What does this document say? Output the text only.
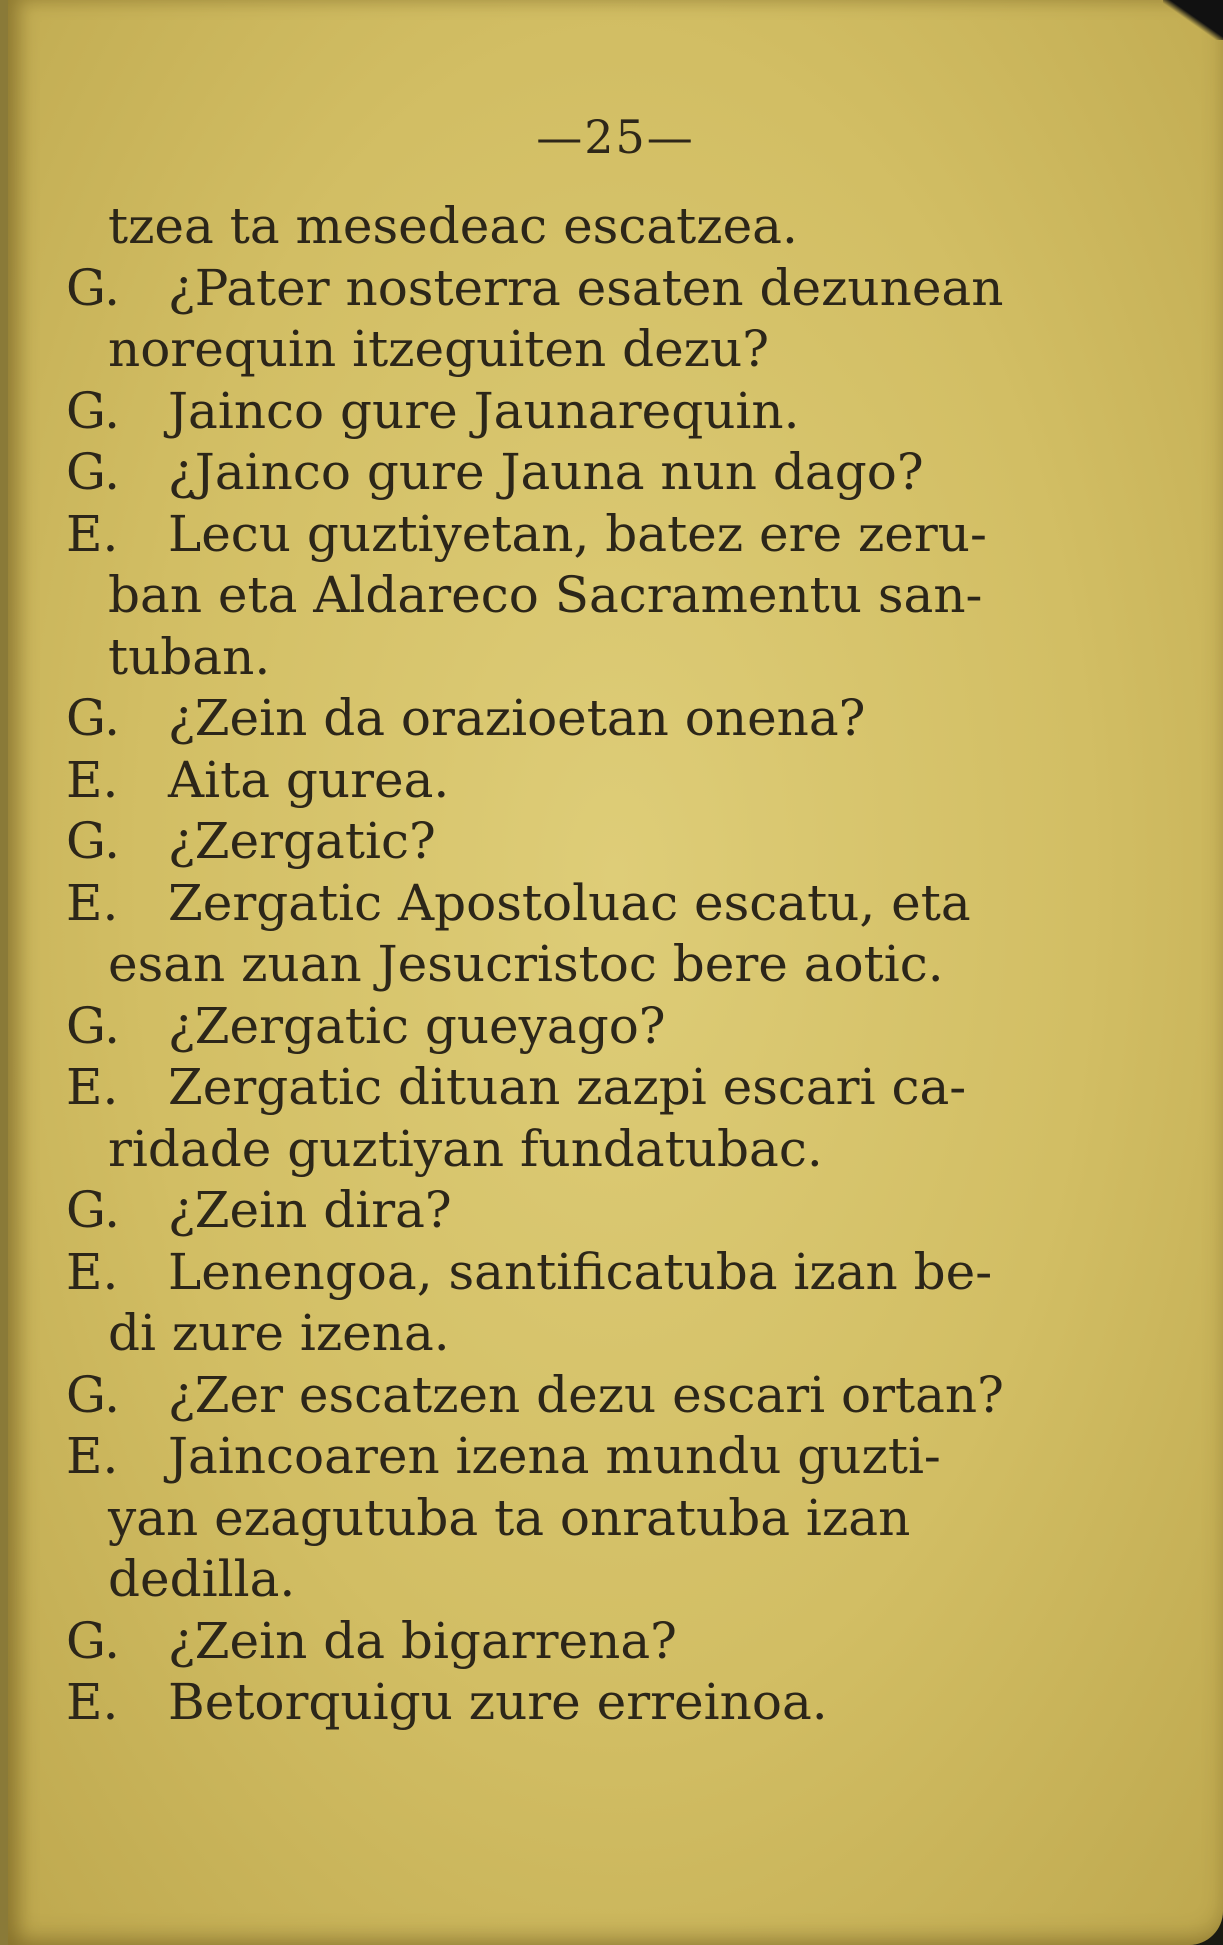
—25—
tzea ta mesedeac escatzea.
G. ¿Pater nosterra esaten dezunean
norequin itzeguiten dezu?
G. Jainco gure Jaunarequin.
G. ¿Jainco gure Jauna nun dago?
E. Lecu guztiyetan, batez ere zeru-
ban eta Aldareco Sacramentu san-
tuban.
G. ¿Zein da orazioetan onena?
E. Aita gurea.
G. ¿Zergatic?
E. Zergatic Apostoluac escatu, eta
esan zuan Jesucristoc bere aotic.
G. ¿Zergatic gueyago?
E. Zergatic dituan zazpi escari ca-
ridade guztiyan fundatubac.
G. ¿Zein dira?
E. Lenengoa, santificatuba izan be-
di zure izena.
G. ¿Zer escatzen dezu escari ortan?
E. Jaincoaren izena mundu guzti-
yan ezagutuba ta onratuba izan
dedilla.
G. ¿Zein da bigarrena?
E. Betorquigu zure erreinoa.
